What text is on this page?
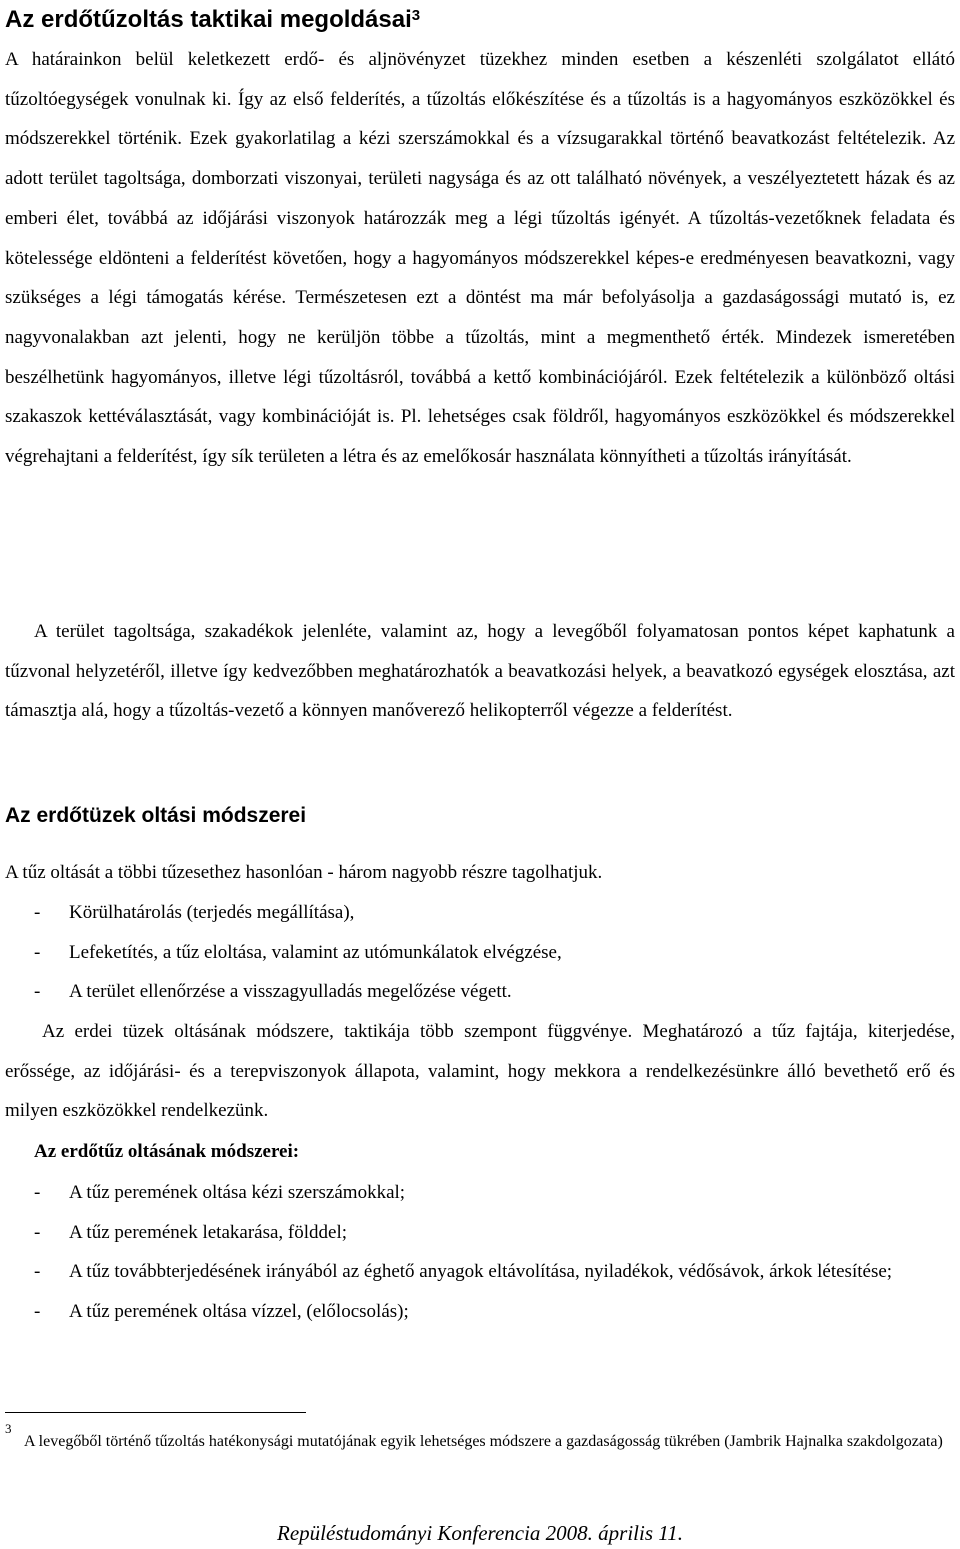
Az erdőtűzoltás taktikai megoldásai$^3$

A határainkon belül keletkezett erdő- és aljnövényzet tüzekhez minden esetben a készenléti szolgálatot ellátó tűzoltóegységek vonulnak ki. Így az első felderítés, a tűzoltás előkészítése és a tűzoltás is a hagyományos eszközökkel és módszerekkel történik. Ezek gyakorlatilag a kézi szerszámokkal és a vízsugarakkal történő beavatkozást feltételezik. Az adott terület tagoltsága, domborzati viszonyai, területi nagysága és az ott található növények, a veszélyeztetett házak és az emberi élet, továbbá az időjárási viszonyok határozzák meg a légi tűzoltás igényét. A tűzoltás-vezetőknek feladata és kötelessége eldönteni a felderítést követően, hogy a hagyományos módszerekkel képes-e eredményesen beavatkozni, vagy szükséges a légi támogatás kérése. Természetesen ezt a döntést ma már befolyásolja a gazdaságossági mutató is, ez nagyvonalakban azt jelenti, hogy ne kerüljön többe a tűzoltás, mint a megmenthető érték. Mindezek ismeretében beszélhetünk hagyományos, illetve légi tűzoltásról, továbbá a kettő kombinációjáról. Ezek feltételezik a különböző oltási szakaszok kettéválasztását, vagy kombinációját is. Pl. lehetséges csak földről, hagyományos eszközökkel és módszerekkel végrehajtani a felderítést, így sík területen a létra és az emelőkosár használata könnyítheti a tűzoltás irányítását.

A terület tagoltsága, szakadékok jelenléte, valamint az, hogy a levegőből folyamatosan pontos képet kaphatunk a tűzvonal helyzetéről, illetve így kedvezőbben meghatározhatók a beavatkozási helyek, a beavatkozó egységek elosztása, azt támasztja alá, hogy a tűzoltás-vezető a könnyen manőverező helikopterről végezze a felderítést.

Az erdőtüzek oltási módszerei

A tűz oltását a többi tűzesethez hasonlóan - három nagyobb részre tagolhatjuk.

- Körülhatárolás (terjedés megállítása),
- Lefeketítés, a tűz eloltása, valamint az utómunkálatok elvégzése,
- A terület ellenőrzése a visszagyulladás megelőzése végett.

Az erdei tüzek oltásának módszere, taktikája több szempont függvénye. Meghatározó a tűz fajtája, kiterjedése, erőssége, az időjárási- és a terepviszonyok állapota, valamint, hogy mekkora a rendelkezésünkre álló bevethető erő és milyen eszközökkel rendelkezünk.

Az erdőtűz oltásának módszerei:

- A tűz peremének oltása kézi szerszámokkal;
- A tűz peremének letakarása, földdel;
- A tűz továbbterjedésének irányából az éghető anyagok eltávolítása, nyiladékok, védősávok, árkok létesítése;
- A tűz peremének oltása vízzel, (előlocsolás);
3

A levegőből történő tűzoltás hatékonysági mutatójának egyik lehetséges módszere a gazdaságosság tükrében (Jambrik Hajnalka szakdolgozata)

Repüléstudományi Konferencia 2008. április 11.
